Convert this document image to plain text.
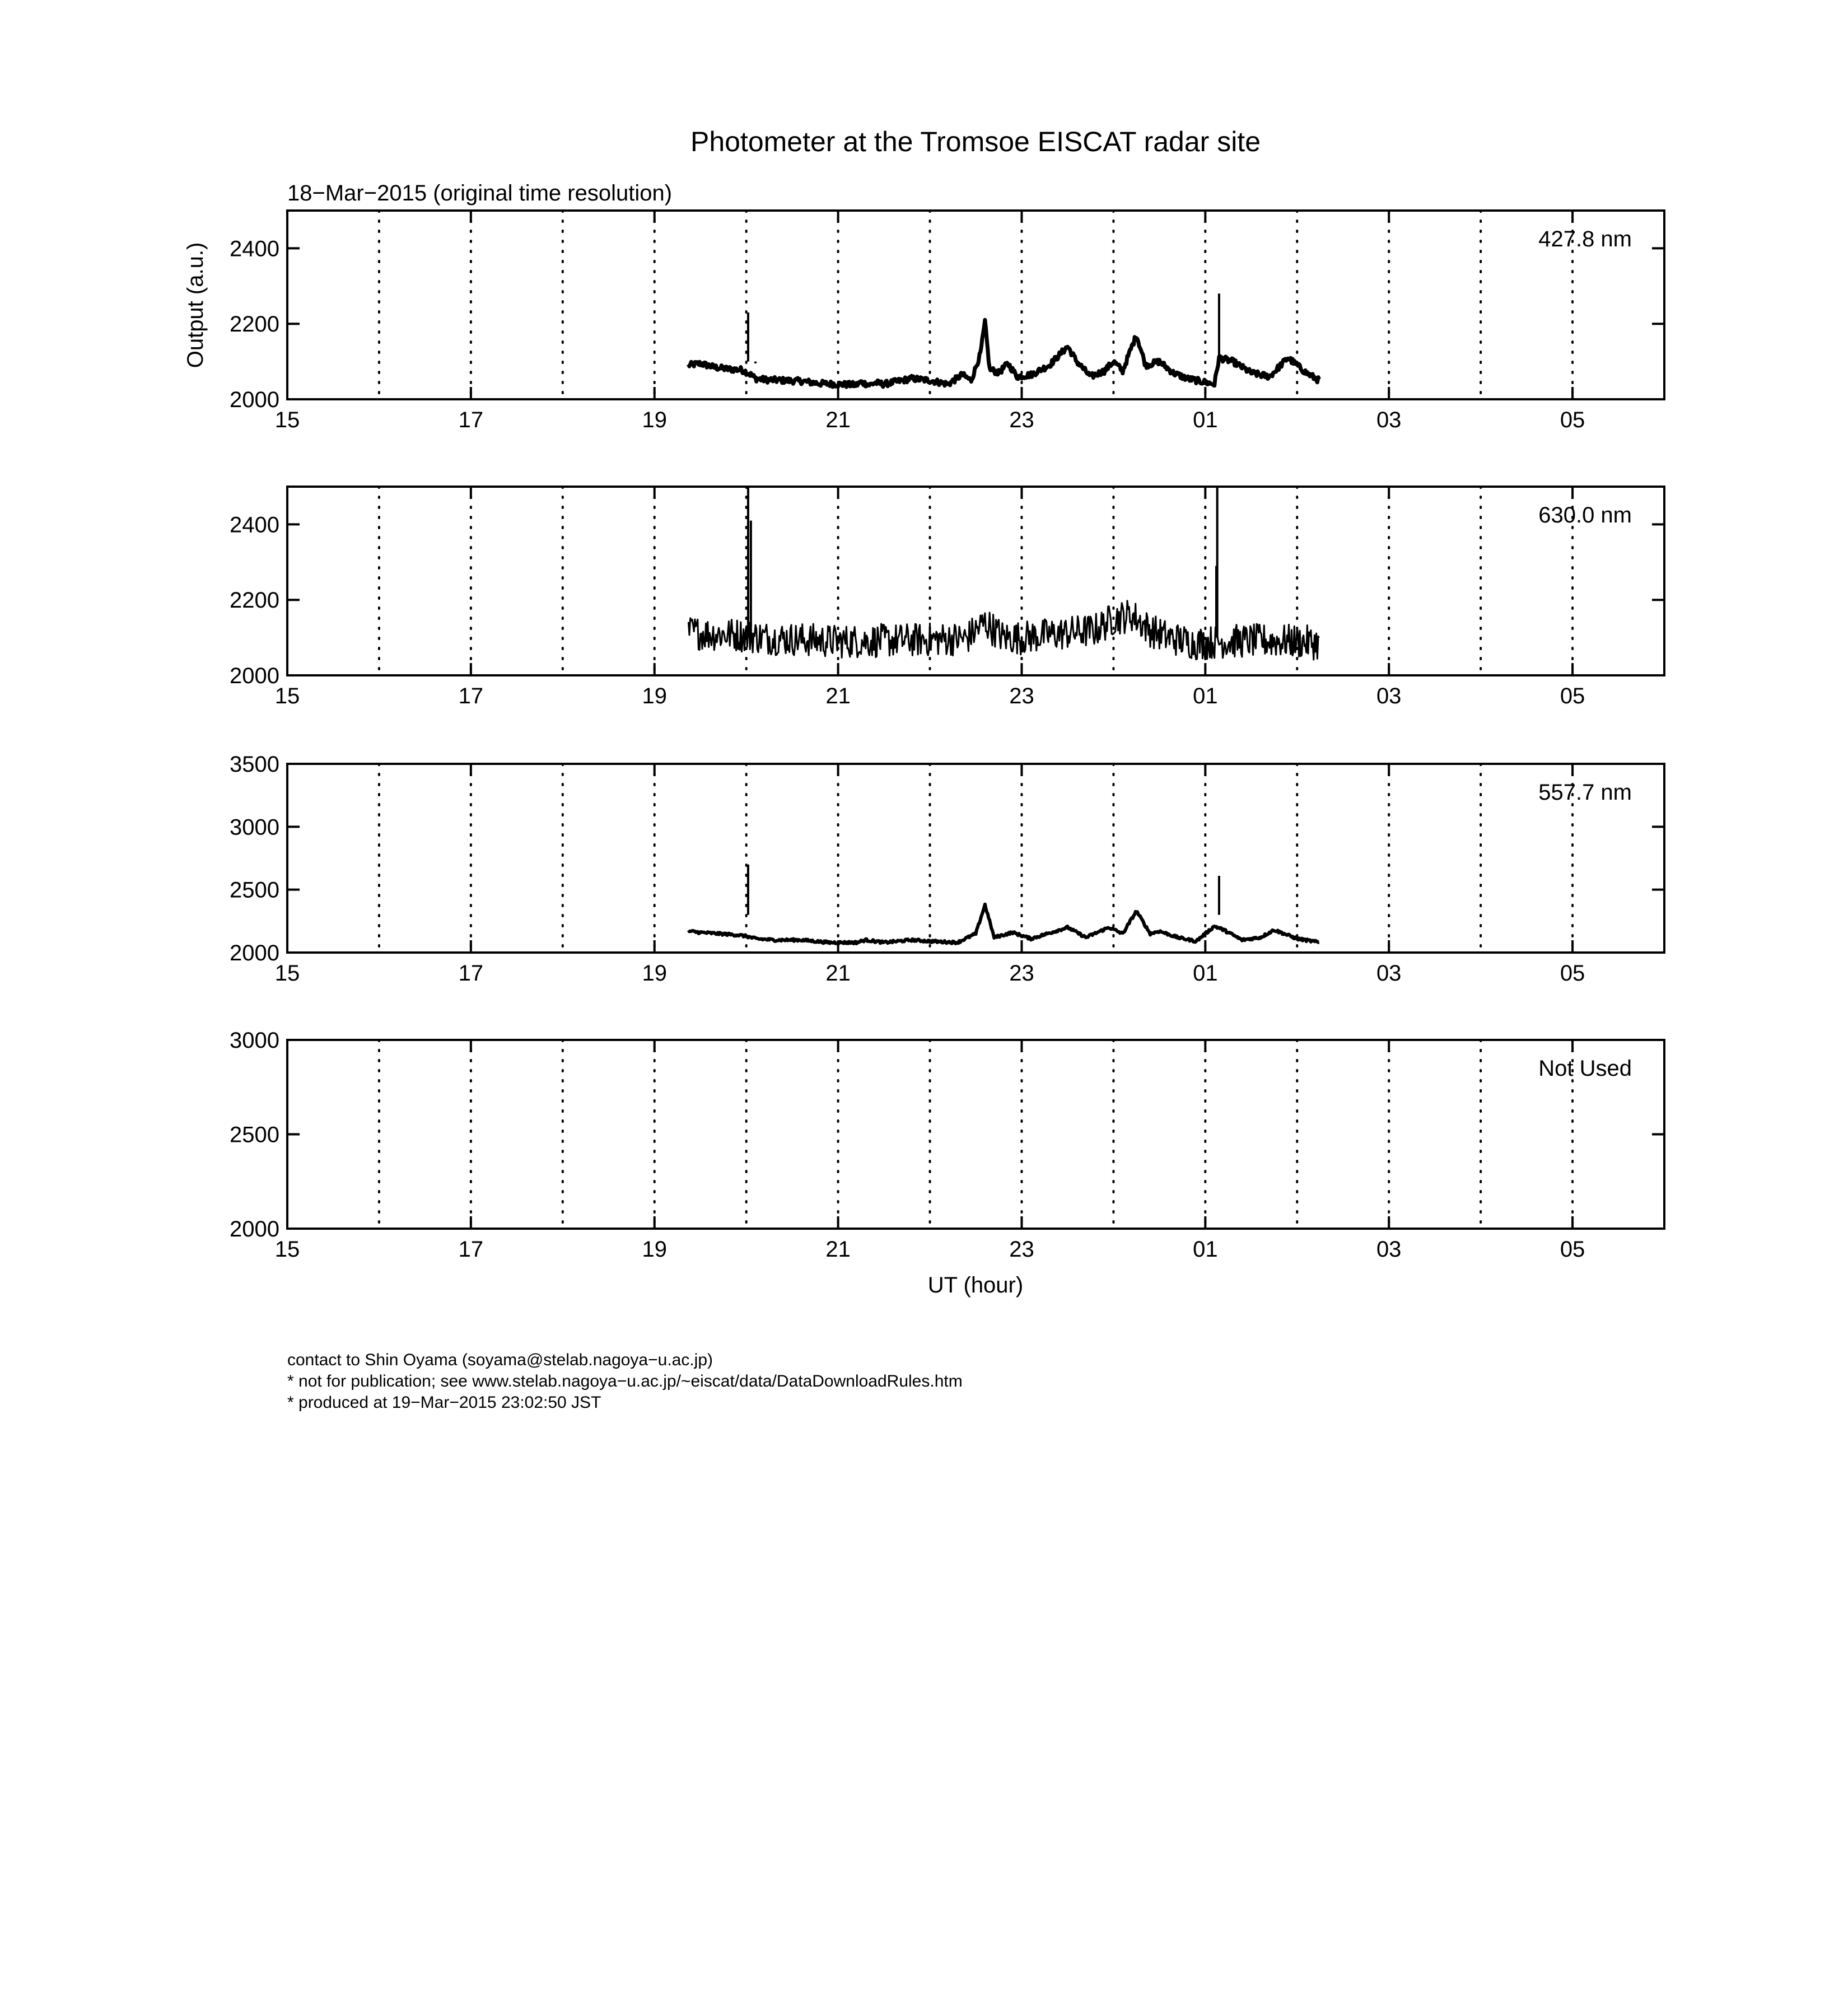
Photometer at the Tromsoe EISCAT radar site
18−Mar−2015 (original time resolution)
Output (a.u.)
UT (hour)
15	17	19	21	23	01	03	05
2000
2200
2400	427.8 nm
15	17	19	21	23	01	03	05
2000
2200
2400	630.0 nm
15	17	19	21	23	01	03	05
2000
2500
3000
3500
557.7 nm
15	17	19	21	23	01	03	05
2000
2500
3000
Not Used
contact to Shin Oyama (soyama@stelab.nagoya−u.ac.jp)
* not for publication; see www.stelab.nagoya−u.ac.jp/~eiscat/data/DataDownloadRules.htm
* produced at 19−Mar−2015 23:02:50 JST
